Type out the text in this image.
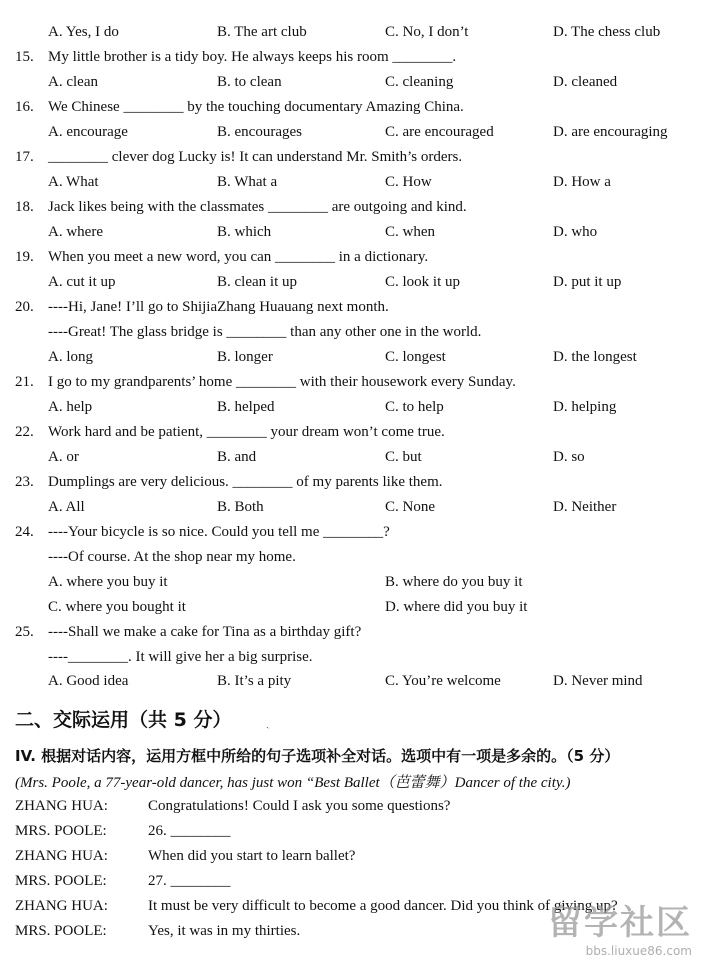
A. Yes, I do	B. The art club	C. No, I don’t	D. The chess club
15. My little brother is a tidy boy. He always keeps his room ________.
A. clean	B. to clean	C. cleaning	D. cleaned
16. We Chinese ________ by the touching documentary Amazing China.
A. encourage	B. encourages	C. are encouraged	D. are encouraging
17. ________ clever dog Lucky is! It can understand Mr. Smith’s orders.
A. What	B. What a	C. How	D. How a
18. Jack likes being with the classmates ________ are outgoing and kind.
A. where	B. which	C. when	D. who
19. When you meet a new word, you can ________ in a dictionary.
A. cut it up	B. clean it up	C. look it up	D. put it up
20. ----Hi, Jane! I’ll go to ShijiaZhang Huauang next month.
----Great! The glass bridge is ________ than any other one in the world.
A. long	B. longer	C. longest	D. the longest
21. I go to my grandparents’ home ________ with their housework every Sunday.
A. help	B. helped	C. to help	D. helping
22. Work hard and be patient, ________ your dream won’t come true.
A. or	B. and	C. but	D. so
23. Dumplings are very delicious. ________ of my parents like them.
A. All	B. Both	C. None	D. Neither
24. ----Your bicycle is so nice. Could you tell me ________?
----Of course. At the shop near my home.
A. where you buy it	B. where do you buy it
C. where you bought it	D. where did you buy it
25. ----Shall we make a cake for Tina as a birthday gift?
----________. It will give her a big surprise.
A. Good idea	B. It’s a pity	C. You’re welcome	D. Never mind
二、交际运用（共 5 分）	ˎ
IV. 根据对话内容，运用方框中所给的句子选项补全对话。选项中有一项是多余的。（5 分）
(Mrs. Poole, a 77-year-old dancer, has just won “Best Ballet（芭蕾舞）Dancer of the city.)
ZHANG HUA:	Congratulations! Could I ask you some questions?
MRS. POOLE:	26. ________
ZHANG HUA:	When did you start to learn ballet?
MRS. POOLE:	27. ________
ZHANG HUA:	It must be very difficult to become a good dancer. Did you think of giving up?
MRS. POOLE:	Yes, it was in my thirties.	留学社区
bbs.liuxue86.com
